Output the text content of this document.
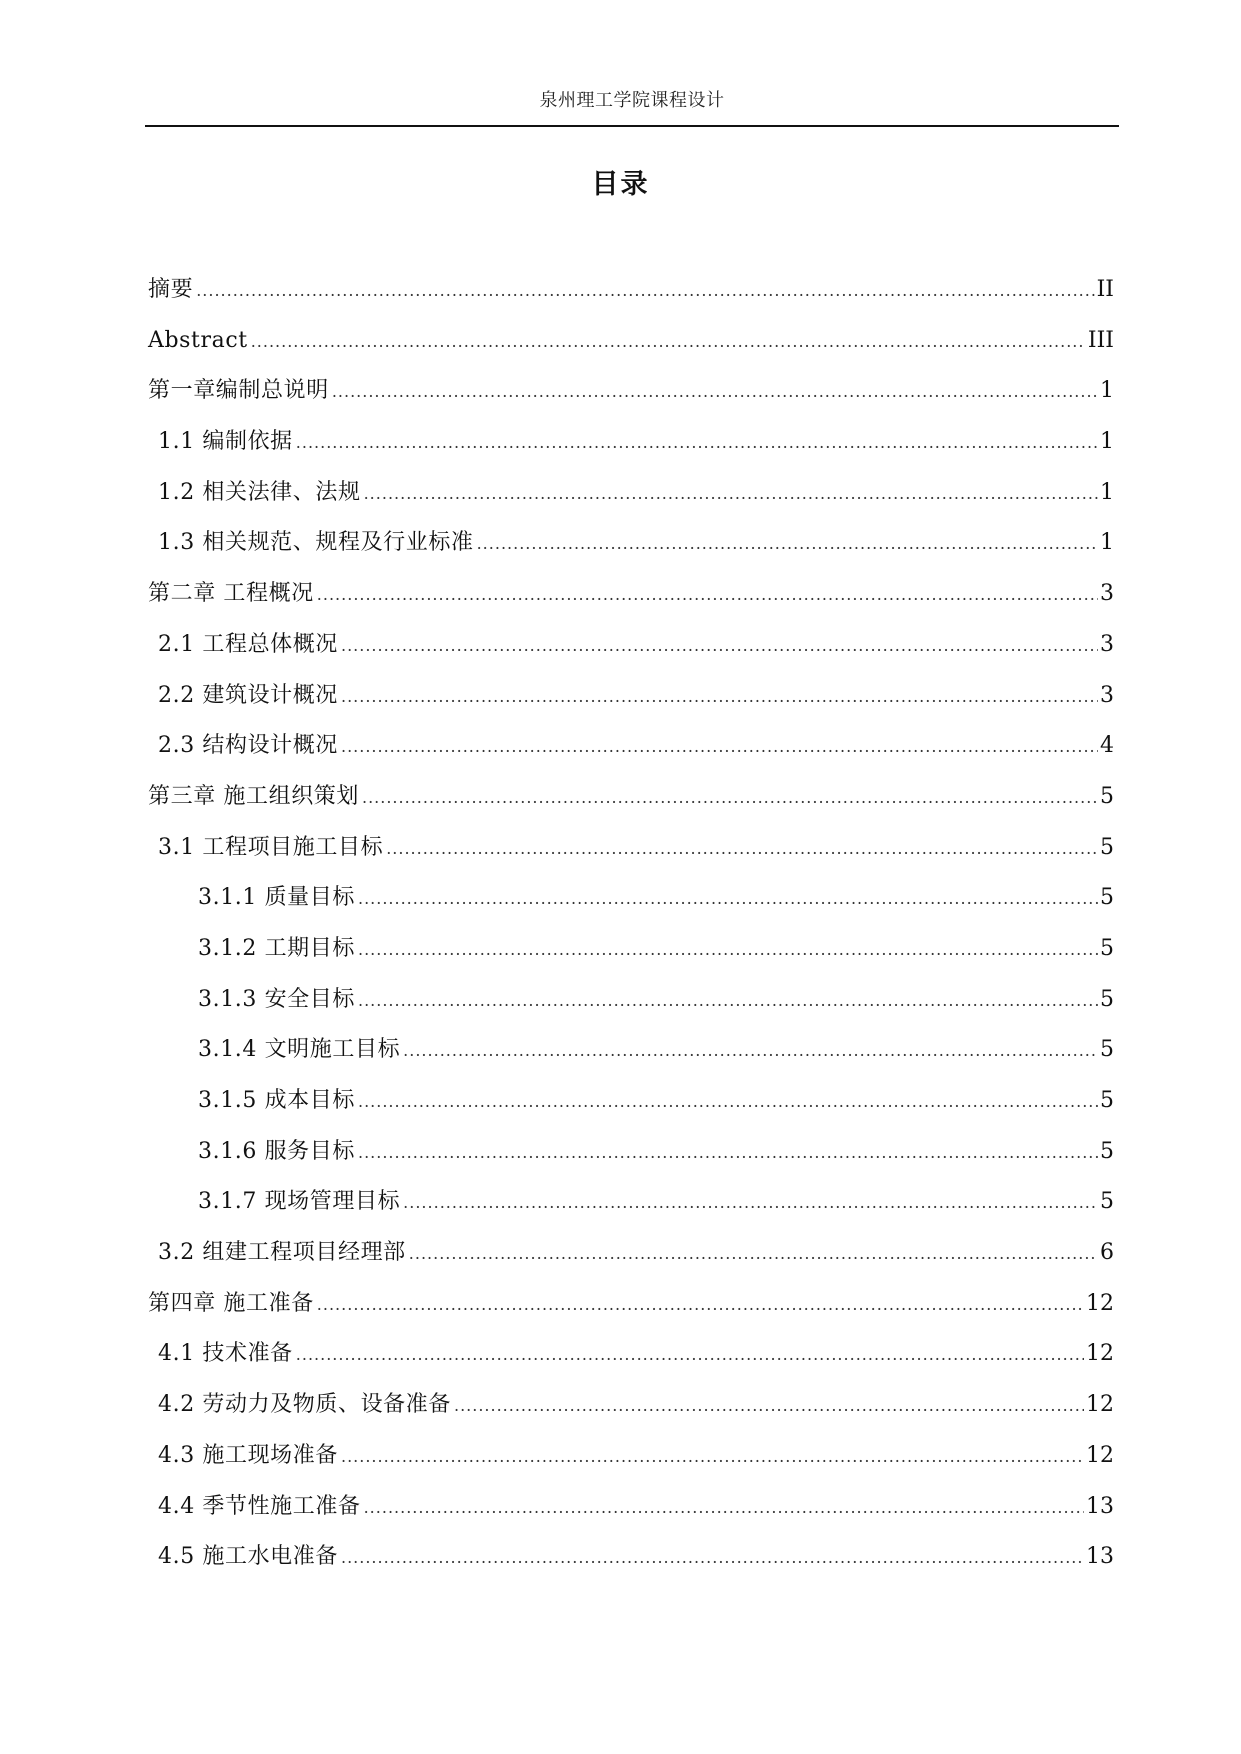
泉州理工学院课程设计
目录
摘要 .....	II
Abstract .....	III
第一章编制总说明 .....	1
1.1 编制依据 .....	1
1.2 相关法律、法规 .....	1
1.3 相关规范、规程及行业标准 .....	1
第二章 工程概况 .....	3
2.1 工程总体概况 .....	3
2.2 建筑设计概况 .....	3
2.3 结构设计概况 .....	4
第三章 施工组织策划 .....	5
3.1 工程项目施工目标 .....	5
3.1.1 质量目标 .....	5
3.1.2 工期目标 .....	5
3.1.3 安全目标 .....	5
3.1.4 文明施工目标 .....	5
3.1.5 成本目标 .....	5
3.1.6 服务目标 .....	5
3.1.7 现场管理目标 .....	5
3.2 组建工程项目经理部 .....	6
第四章 施工准备 .....	12
4.1 技术准备 .....	12
4.2 劳动力及物质、设备准备 .....	12
4.3 施工现场准备 .....	12
4.4 季节性施工准备 .....	13
4.5 施工水电准备 .....	13
